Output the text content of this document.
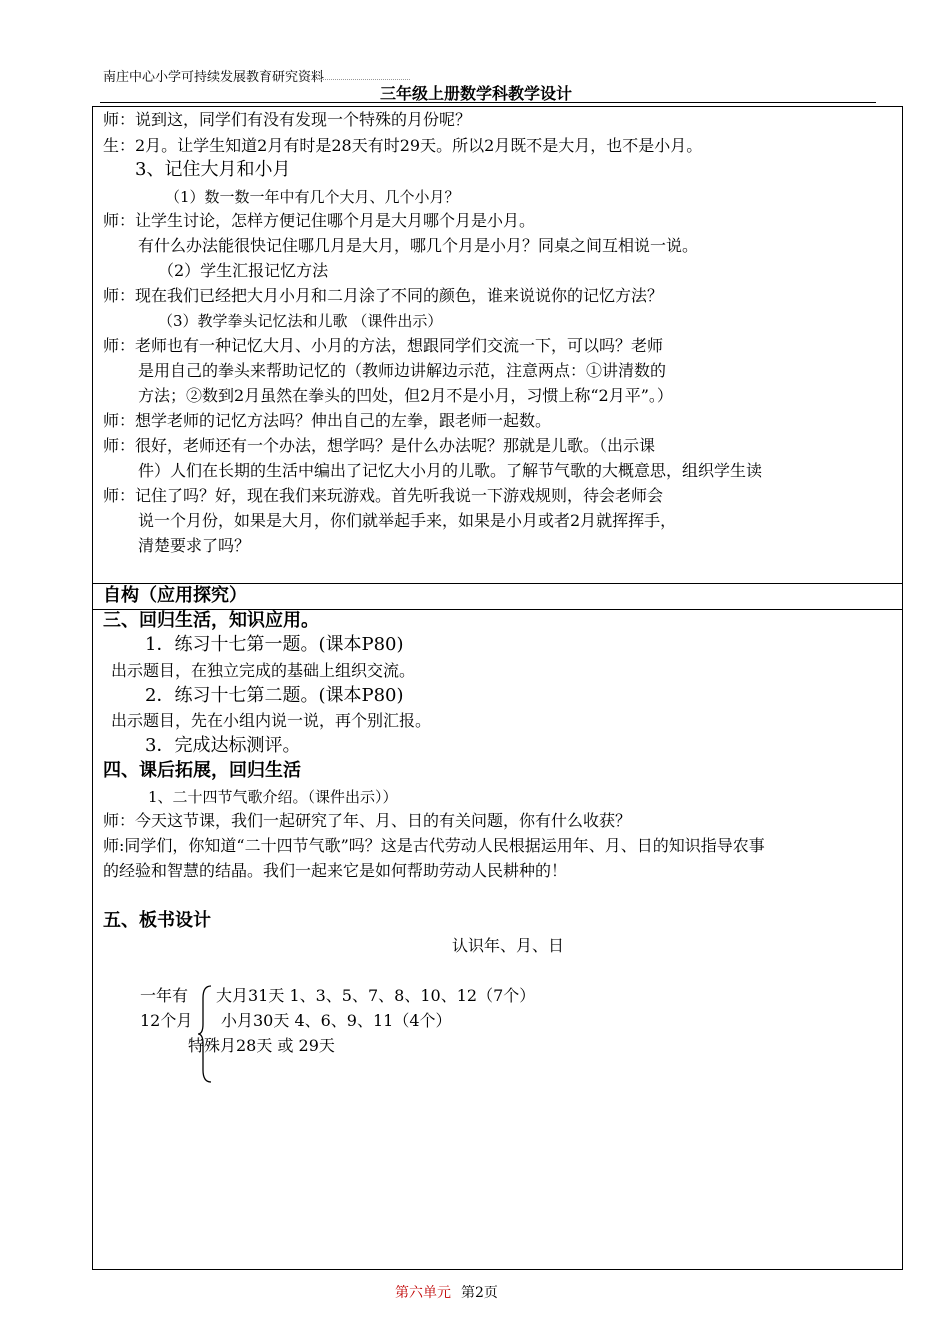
南庄中心小学可持续发展教育研究资料
三年级上册数学科教学设计
师：说到这，同学们有没有发现一个特殊的月份呢？
生：2月。让学生知道2月有时是28天有时29天。所以2月既不是大月，也不是小月。
3、记住大月和小月
（1）数一数一年中有几个大月、几个小月？
师：让学生讨论，怎样方便记住哪个月是大月哪个月是小月。
有什么办法能很快记住哪几月是大月，哪几个月是小月？同桌之间互相说一说。
（2）学生汇报记忆方法
师：现在我们已经把大月小月和二月涂了不同的颜色，谁来说说你的记忆方法？
（3）教学拳头记忆法和儿歌 （课件出示）
师：老师也有一种记忆大月、小月的方法，想跟同学们交流一下，可以吗？老师
是用自己的拳头来帮助记忆的（教师边讲解边示范，注意两点：①讲清数的
方法；②数到2月虽然在拳头的凹处，但2月不是小月，习惯上称“2月平”。）
师：想学老师的记忆方法吗？伸出自己的左拳，跟老师一起数。
师：很好，老师还有一个办法，想学吗？是什么办法呢？那就是儿歌。（出示课
件）人们在长期的生活中编出了记忆大小月的儿歌。了解节气歌的大概意思，组织学生读
师：记住了吗？好，现在我们来玩游戏。首先听我说一下游戏规则，待会老师会
说一个月份，如果是大月，你们就举起手来，如果是小月或者2月就挥挥手，
清楚要求了吗？
自构（应用探究）
三、回归生活，知识应用。
1．练习十七第一题。(课本P80)
出示题目，在独立完成的基础上组织交流。
2．练习十七第二题。(课本P80)
出示题目，先在小组内说一说，再个别汇报。
3．完成达标测评。
四、课后拓展，回归生活
1、二十四节气歌介绍。（课件出示））
师：今天这节课，我们一起研究了年、月、日的有关问题，你有什么收获？
师:同学们，你知道“二十四节气歌”吗？这是古代劳动人民根据运用年、月、日的知识指导农事
的经验和智慧的结晶。我们一起来它是如何帮助劳动人民耕种的！
五、板书设计
认识年、月、日
一年有
12个月
大月31天 1、3、5、7、8、10、12（7个）
小月30天 4、6、9、11（4个）
特殊月28天 或 29天
第六单元 第2页
